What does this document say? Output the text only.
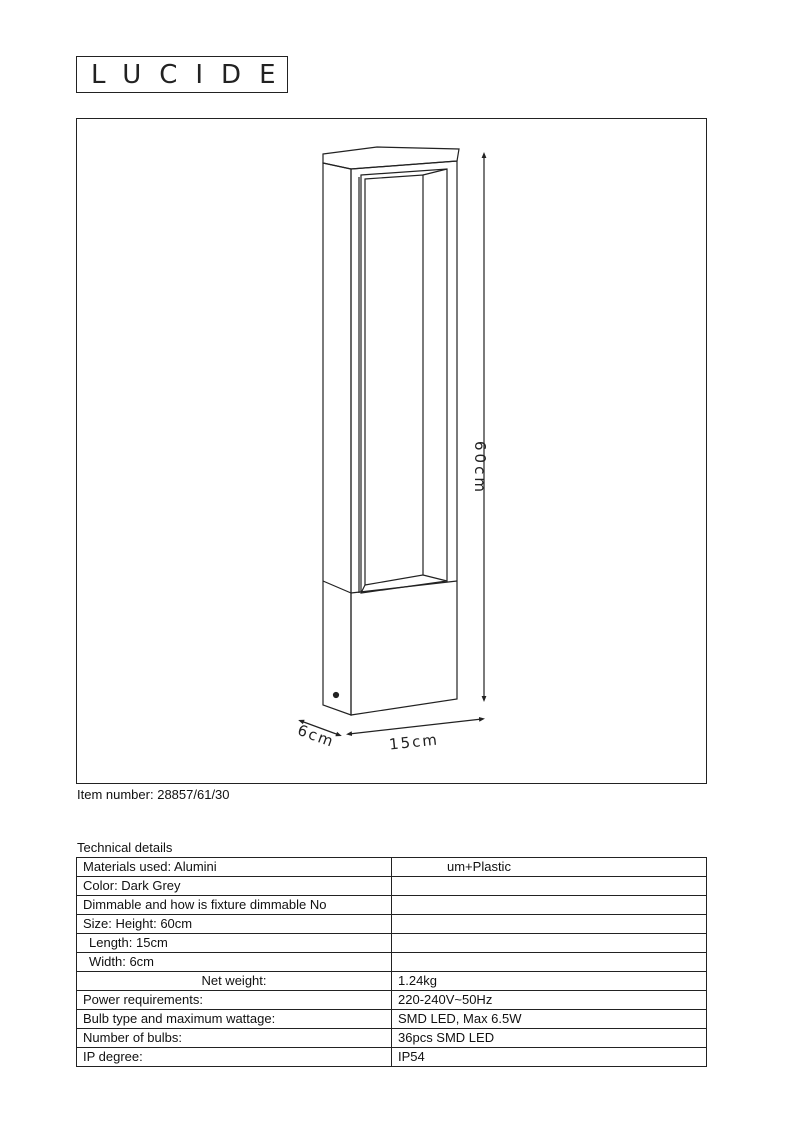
LUCIDE
60cm
15cm
6cm
Item number: 28857/61/30
Technical details
Materials used: Alumini	um+Plastic
Color: Dark Grey	
Dimmable and how is fixture dimmable No	
Size: Height: 60cm	
Length: 15cm	
Width: 6cm	
Net weight:	1.24kg
Power requirements:	220-240V~50Hz
Bulb type and maximum wattage:	SMD LED, Max 6.5W
Number of bulbs:	36pcs SMD LED
IP degree:	IP54
